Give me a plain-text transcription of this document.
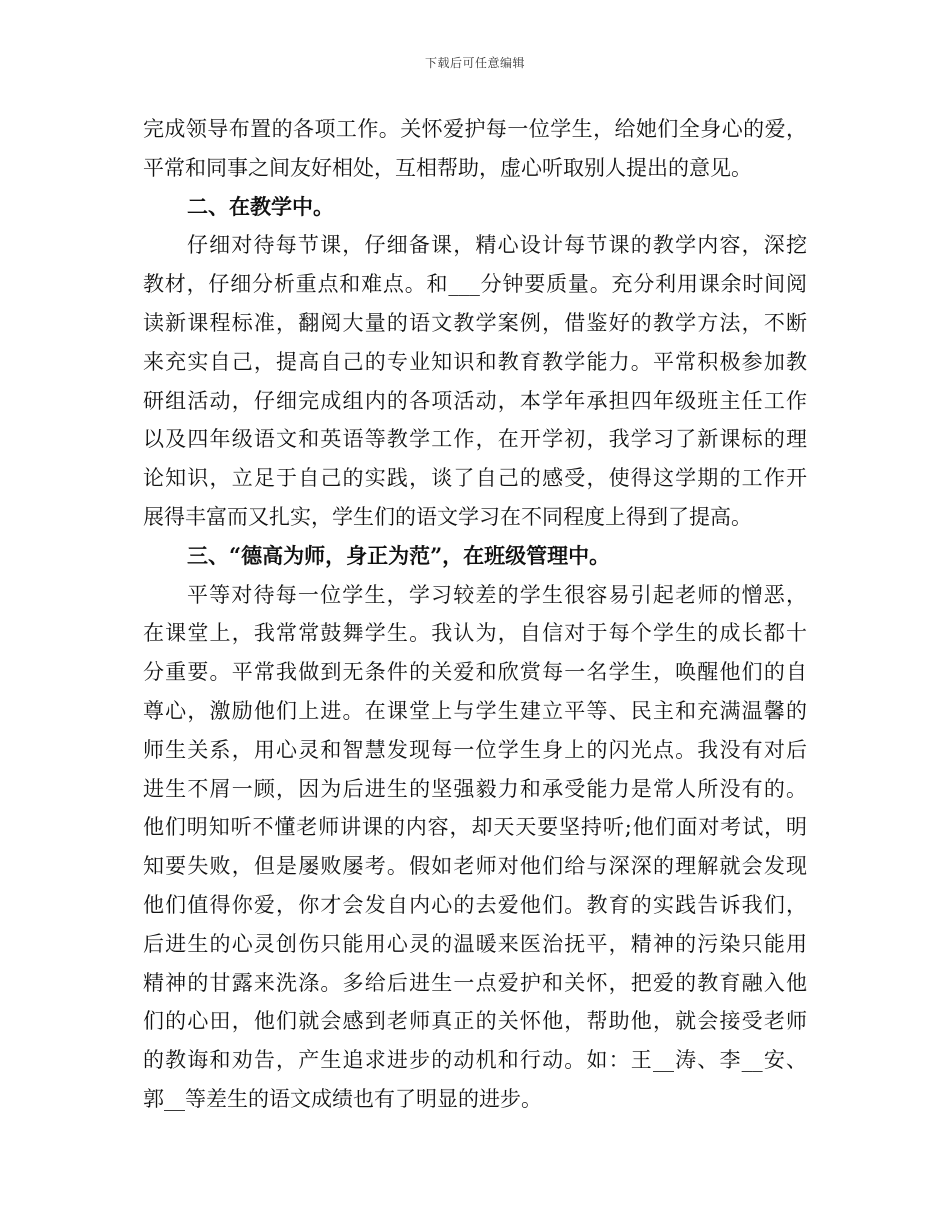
下载后可任意编辑
完成领导布置的各项工作。关怀爱护每一位学生，给她们全身心的爱，
平常和同事之间友好相处，互相帮助，虚心听取别人提出的意见。
二、在教学中。
仔细对待每节课，仔细备课，精心设计每节课的教学内容，深挖
教材，仔细分析重点和难点。和___分钟要质量。充分利用课余时间阅
读新课程标准，翻阅大量的语文教学案例，借鉴好的教学方法，不断
来充实自己，提高自己的专业知识和教育教学能力。平常积极参加教
研组活动，仔细完成组内的各项活动，本学年承担四年级班主任工作
以及四年级语文和英语等教学工作，在开学初，我学习了新课标的理
论知识，立足于自己的实践，谈了自己的感受，使得这学期的工作开
展得丰富而又扎实，学生们的语文学习在不同程度上得到了提高。
三、“德高为师，身正为范”，在班级管理中。
平等对待每一位学生，学习较差的学生很容易引起老师的憎恶，
在课堂上，我常常鼓舞学生。我认为，自信对于每个学生的成长都十
分重要。平常我做到无条件的关爱和欣赏每一名学生，唤醒他们的自
尊心，激励他们上进。在课堂上与学生建立平等、民主和充满温馨的
师生关系，用心灵和智慧发现每一位学生身上的闪光点。我没有对后
进生不屑一顾，因为后进生的坚强毅力和承受能力是常人所没有的。
他们明知听不懂老师讲课的内容，却天天要坚持听;他们面对考试，明
知要失败，但是屡败屡考。假如老师对他们给与深深的理解就会发现
他们值得你爱，你才会发自内心的去爱他们。教育的实践告诉我们，
后进生的心灵创伤只能用心灵的温暖来医治抚平，精神的污染只能用
精神的甘露来洗涤。多给后进生一点爱护和关怀，把爱的教育融入他
们的心田，他们就会感到老师真正的关怀他，帮助他，就会接受老师
的教诲和劝告，产生追求进步的动机和行动。如：王__涛、李__安、
郭__等差生的语文成绩也有了明显的进步。
